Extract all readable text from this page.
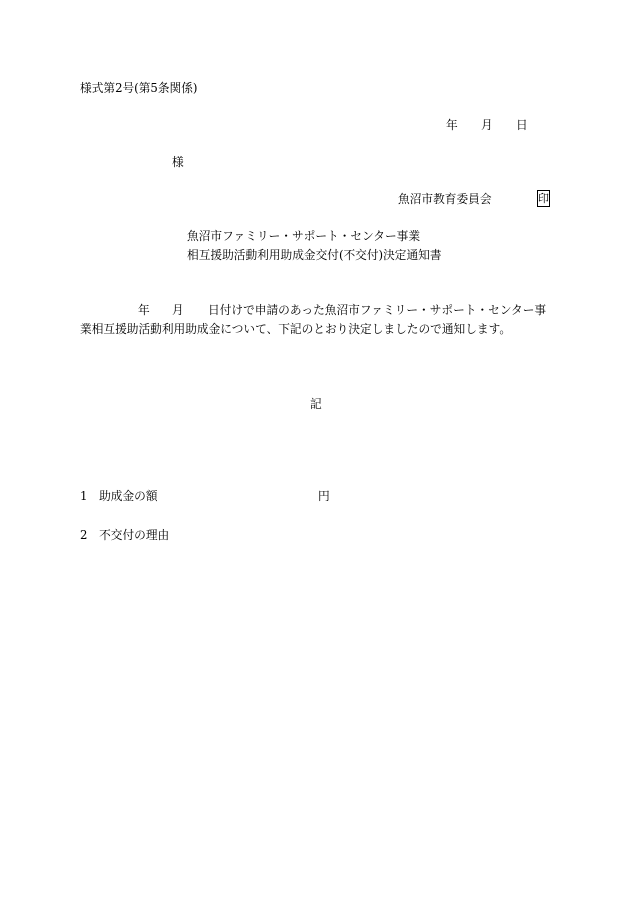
様式第2号(第5条関係)
年 月 日
様
魚沼市教育委員会	印
魚沼市ファミリー・サポート・センター事業
相互援助活動利用助成金交付(不交付)決定通知書
年 月 日付けで申請のあった魚沼市ファミリー・サポート・センター事
業相互援助活動利用助成金について、下記のとおり決定しましたので通知します。
記
1　助成金の額	円
2　不交付の理由
